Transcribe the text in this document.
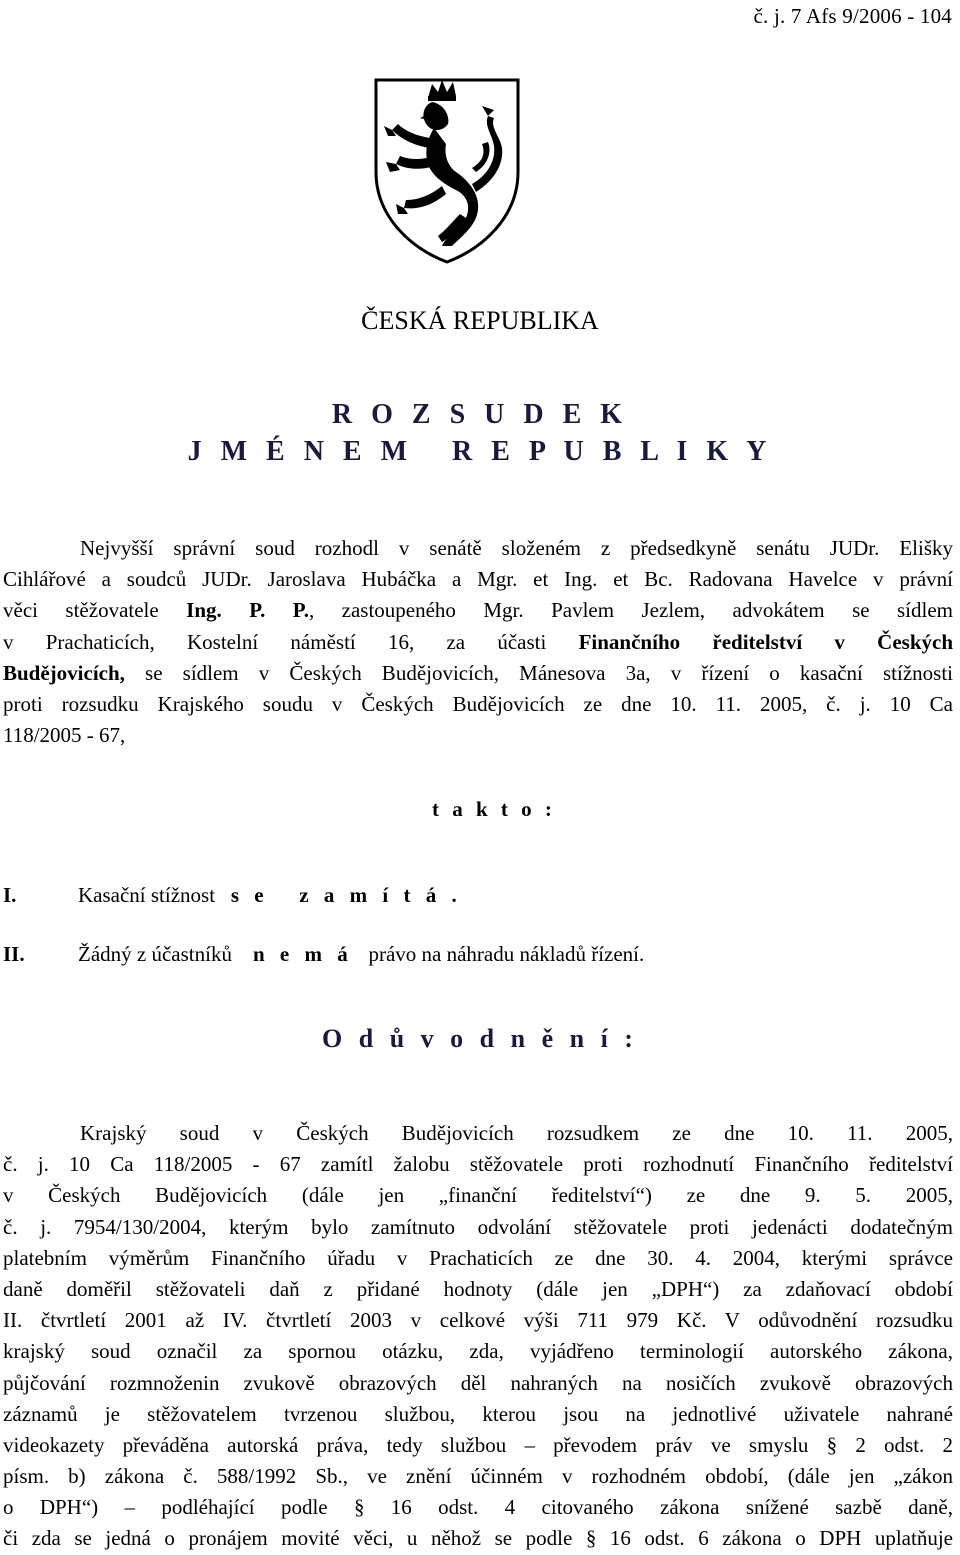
č. j. 7 Afs 9/2006 - 104
ČESKÁ REPUBLIKA
R O Z S U D E K
J M É N E M   R E P U B L I K Y
Nejvyšší správní soud rozhodl v senátě složeném z předsedkyně senátu JUDr. Elišky
Cihlářové a soudců JUDr. Jaroslava Hubáčka a Mgr. et Ing. et Bc. Radovana Havelce v právní
věci stěžovatele Ing. P. P., zastoupeného Mgr. Pavlem Jezlem, advokátem se sídlem
v Prachaticích, Kostelní náměstí 16, za účasti Finančního ředitelství v Českých
Budějovicích, se sídlem v Českých Budějovicích, Mánesova 3a, v řízení o kasační stížnosti
proti rozsudku Krajského soudu v Českých Budějovicích ze dne 10. 11. 2005, č. j. 10 Ca
118/2005 - 67,
t a k t o :
I.	Kasační stížnost s e   z a m í t á .
II.	Žádný z účastníků n e m á právo na náhradu nákladů řízení.
O d ů v o d n ě n í :
Krajský soud v Českých Budějovicích rozsudkem ze dne 10. 11. 2005,
č. j. 10 Ca 118/2005 - 67 zamítl žalobu stěžovatele proti rozhodnutí Finančního ředitelství
v Českých Budějovicích (dále jen „finanční ředitelství“) ze dne 9. 5. 2005,
č. j. 7954/130/2004, kterým bylo zamítnuto odvolání stěžovatele proti jedenácti dodatečným
platebním výměrům Finančního úřadu v Prachaticích ze dne 30. 4. 2004, kterými správce
daně doměřil stěžovateli daň z přidané hodnoty (dále jen „DPH“) za zdaňovací období
II. čtvrtletí 2001 až IV. čtvrtletí 2003 v celkové výši 711 979 Kč. V odůvodnění rozsudku
krajský soud označil za spornou otázku, zda, vyjádřeno terminologií autorského zákona,
půjčování rozmnoženin zvukově obrazových děl nahraných na nosičích zvukově obrazových
záznamů je stěžovatelem tvrzenou službou, kterou jsou na jednotlivé uživatele nahrané
videokazety převáděna autorská práva, tedy službou – převodem práv ve smyslu § 2 odst. 2
písm. b) zákona č. 588/1992 Sb., ve znění účinném v rozhodném období, (dále jen „zákon
o DPH“) – podléhající podle § 16 odst. 4 citovaného zákona snížené sazbě daně,
či zda se jedná o pronájem movité věci, u něhož se podle § 16 odst. 6 zákona o DPH uplatňuje
